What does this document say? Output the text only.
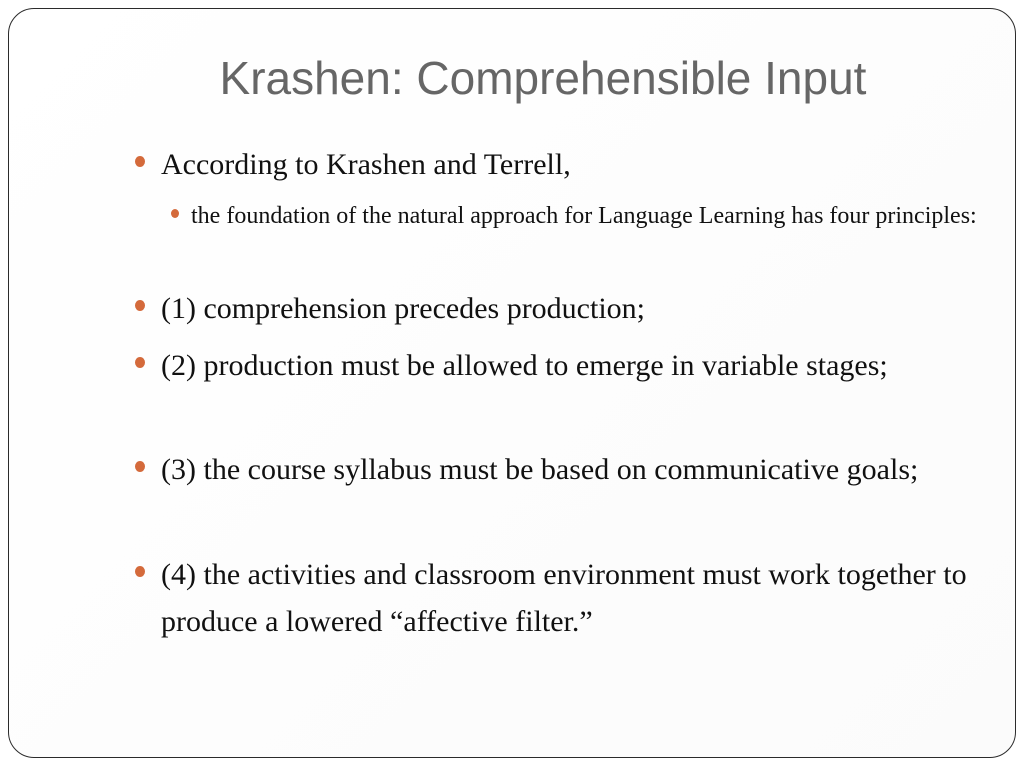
Krashen: Comprehensible Input
According to Krashen and Terrell,
the foundation of the natural approach for Language Learning has four principles:
(1) comprehension precedes production;
(2) production must be allowed to emerge in variable stages;
(3) the course syllabus must be based on communicative goals;
(4) the activities and classroom environment must work together to produce a lowered “affective filter.”
